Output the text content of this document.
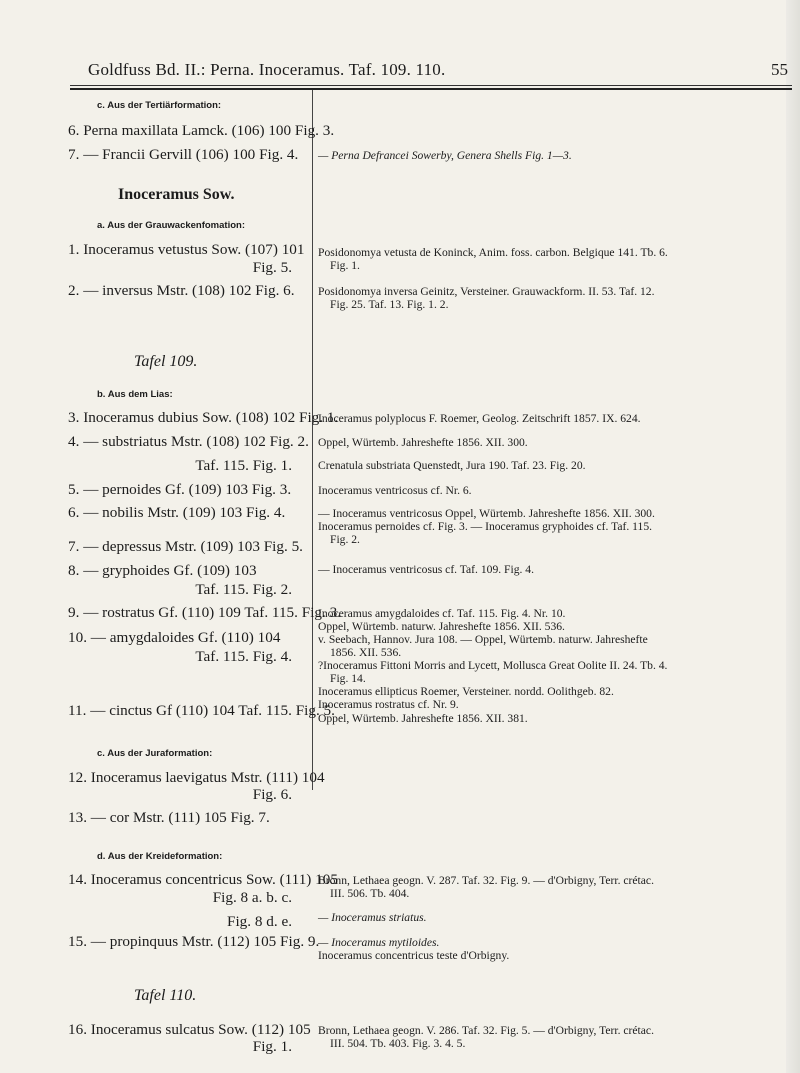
Goldfuss Bd. II.: Perna. Inoceramus. Taf. 109. 110.	55
c. Aus der Tertiärformation:
6. Perna maxillata Lamck. (106) 100 Fig. 3.
7. — Francii Gervill (106) 100 Fig. 4.
Inoceramus Sow.
a. Aus der Grauwackenfomation:
1. Inoceramus vetustus Sow. (107) 101
Fig. 5.
2. — inversus Mstr. (108) 102 Fig. 6.
Tafel 109.
b. Aus dem Lias:
3. Inoceramus dubius Sow. (108) 102 Fig. 1.
4. — substriatus Mstr. (108) 102 Fig. 2.
Taf. 115. Fig. 1.
5. — pernoides Gf. (109) 103 Fig. 3.
6. — nobilis Mstr. (109) 103 Fig. 4.
7. — depressus Mstr. (109) 103 Fig. 5.
8. — gryphoides Gf. (109) 103
Taf. 115. Fig. 2.
9. — rostratus Gf. (110) 109 Taf. 115. Fig. 3.
10. — amygdaloides Gf. (110) 104
Taf. 115. Fig. 4.
11. — cinctus Gf (110) 104 Taf. 115. Fig. 5.
c. Aus der Juraformation:
12. Inoceramus laevigatus Mstr. (111) 104
Fig. 6.
13. — cor Mstr. (111) 105 Fig. 7.
d. Aus der Kreideformation:
14. Inoceramus concentricus Sow. (111) 105
Fig. 8 a. b. c.
Fig. 8 d. e.
15. — propinquus Mstr. (112) 105 Fig. 9.
Tafel 110.
16. Inoceramus sulcatus Sow. (112) 105
Fig. 1.
— Perna Defrancei Sowerby, Genera Shells Fig. 1—3.
Posidonomya vetusta de Koninck, Anim. foss. carbon. Belgique 141. Tb. 6.
Fig. 1.
Posidonomya inversa Geinitz, Versteiner. Grauwackform. II. 53. Taf. 12.
Fig. 25. Taf. 13. Fig. 1. 2.
Inoceramus polyplocus F. Roemer, Geolog. Zeitschrift 1857. IX. 624.
Oppel, Würtemb. Jahreshefte 1856. XII. 300.
Crenatula substriata Quenstedt, Jura 190. Taf. 23. Fig. 20.
Inoceramus ventricosus cf. Nr. 6.
— Inoceramus ventricosus Oppel, Würtemb. Jahreshefte 1856. XII. 300.
Inoceramus pernoides cf. Fig. 3. — Inoceramus gryphoides cf. Taf. 115.
Fig. 2.
— Inoceramus ventricosus cf. Taf. 109. Fig. 4.
Inoceramus amygdaloides cf. Taf. 115. Fig. 4. Nr. 10.
Oppel, Würtemb. naturw. Jahreshefte 1856. XII. 536.
v. Seebach, Hannov. Jura 108. — Oppel, Würtemb. naturw. Jahreshefte
1856. XII. 536.
?Inoceramus Fittoni Morris and Lycett, Mollusca Great Oolite II. 24. Tb. 4.
Fig. 14.
Inoceramus ellipticus Roemer, Versteiner. nordd. Oolithgeb. 82.
Inoceramus rostratus cf. Nr. 9.
Oppel, Würtemb. Jahreshefte 1856. XII. 381.
Bronn, Lethaea geogn. V. 287. Taf. 32. Fig. 9. — d'Orbigny, Terr. crétac.
III. 506. Tb. 404.
— Inoceramus striatus.
— Inoceramus mytiloides.
Inoceramus concentricus teste d'Orbigny.
Bronn, Lethaea geogn. V. 286. Taf. 32. Fig. 5. — d'Orbigny, Terr. crétac.
III. 504. Tb. 403. Fig. 3. 4. 5.
